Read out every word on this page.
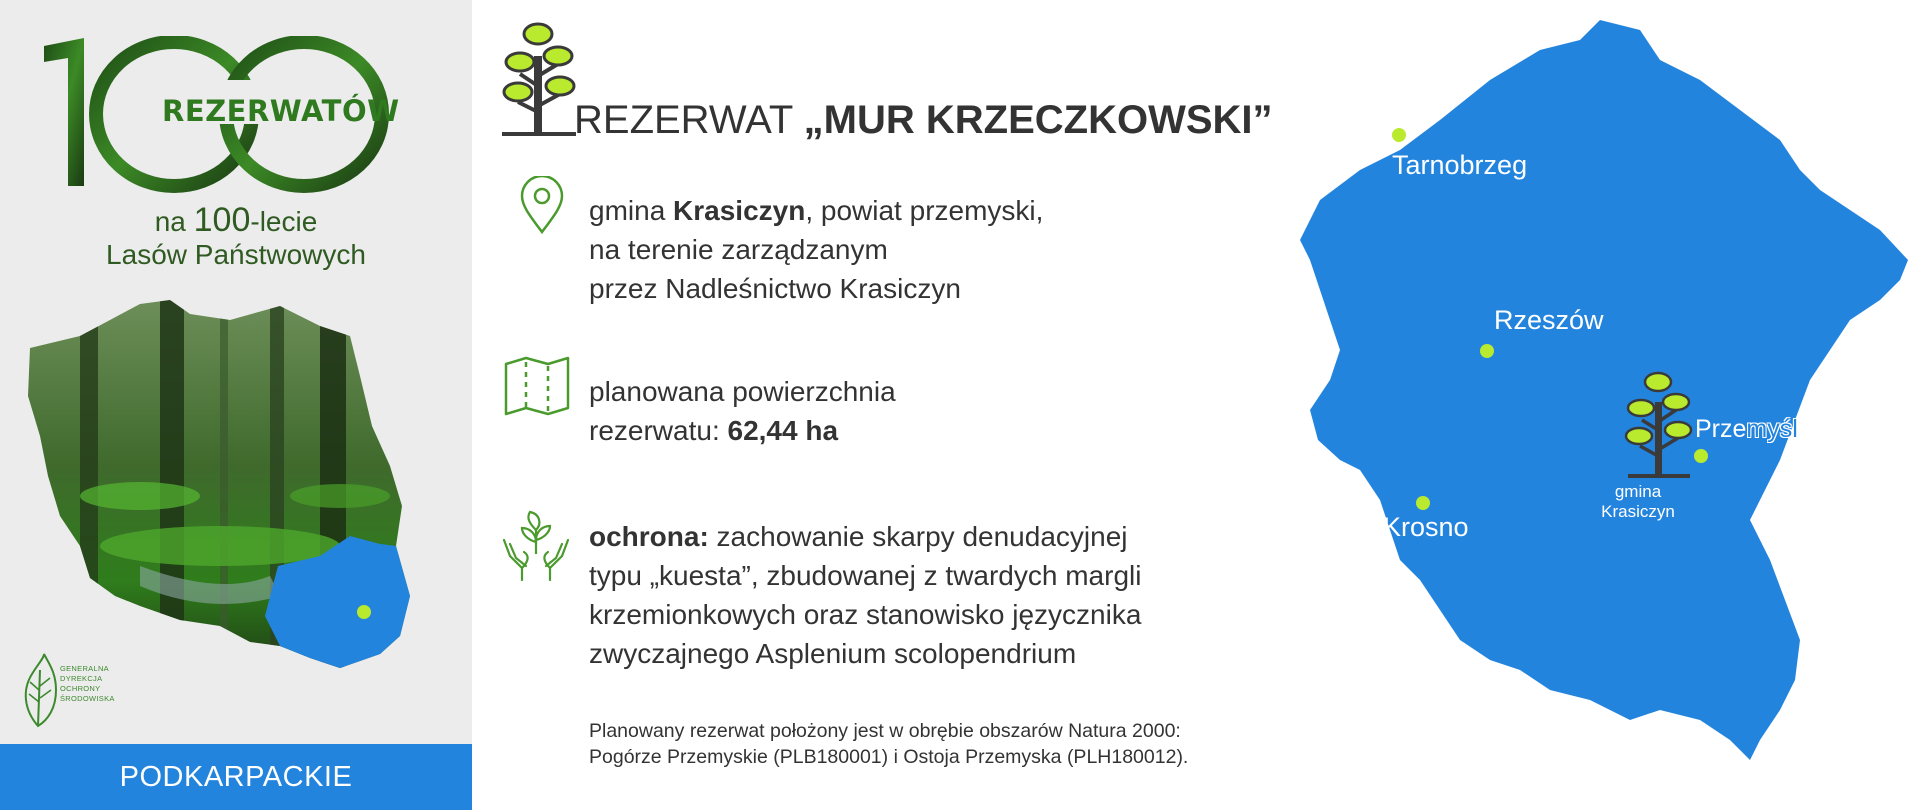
REZERWATÓW
na 100-lecie
Lasów Państwowych
GENERALNA
DYREKCJA
OCHRONY
ŚRODOWISKA
PODKARPACKIE
REZERWAT „MUR KRZECZKOWSKI”
gmina Krasiczyn, powiat przemyski,
na terenie zarządzanym
przez Nadleśnictwo Krasiczyn
planowana powierzchnia
rezerwatu: 62,44 ha
ochrona: zachowanie skarpy denudacyjnej
typu „kuesta”, zbudowanej z twardych margli
krzemionkowych oraz stanowisko języcznika
zwyczajnego Asplenium scolopendrium
Planowany rezerwat położony jest w obrębie obszarów Natura 2000:
Pogórze Przemyskie (PLB180001) i Ostoja Przemyska (PLH180012).
Tarnobrzeg
Rzeszów
Krosno
Przemyśl
gmina
Krasiczyn
